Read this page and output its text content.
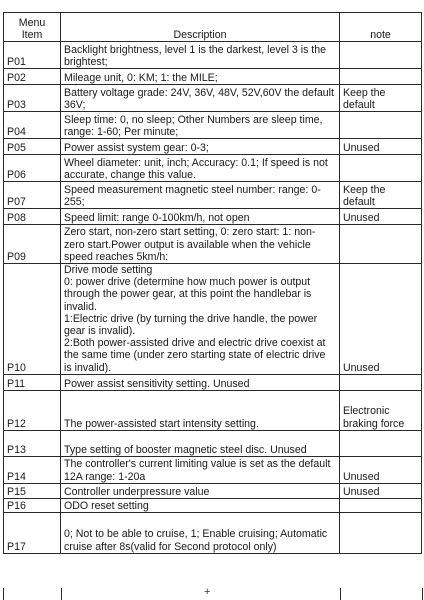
Menu
Item	Description	note
P01	Backlight brightness, level 1 is the darkest, level 3 is the brightest;	
P02	Mileage unit, 0: KM; 1: the MILE;	
P03	Battery voltage grade: 24V, 36V, 48V, 52V,60V the default 36V;	Keep the default
P04	Sleep time: 0, no sleep; Other Numbers are sleep time, range: 1-60; Per minute;	
P05	Power assist system gear: 0-3;	Unused
P06	Wheel diameter: unit, inch; Accuracy: 0.1; If speed is not accurate, change this value.	
P07	Speed measurement magnetic steel number: range: 0-255;	Keep the default
P08	Speed limit: range 0-100km/h, not open	Unused
P09	Zero start, non-zero start setting, 0: zero start: 1: non-zero start.Power output is available when the vehicle speed reaches 5km/h:	
P10	Drive mode setting
0: power drive (determine how much power is output through the power gear, at this point the handlebar is invalid.
1:Electric drive (by turning the drive handle, the power gear is invalid).
2:Both power-assisted drive and electric drive coexist at the same time (under zero starting state of electric drive is invalid).	Unused
P11	Power assist sensitivity setting. Unused	
P12	The power-assisted start intensity setting.	Electronic braking force
P13	Type setting of booster magnetic steel disc. Unused	
P14	The controller's current limiting value is set as the default 12A range: 1-20a	Unused
P15	Controller underpressure value	Unused
P16	ODO reset setting	
P17	0; Not to be able to cruise, 1; Enable cruising; Automatic cruise after 8s(valid for Second protocol only)	
+
